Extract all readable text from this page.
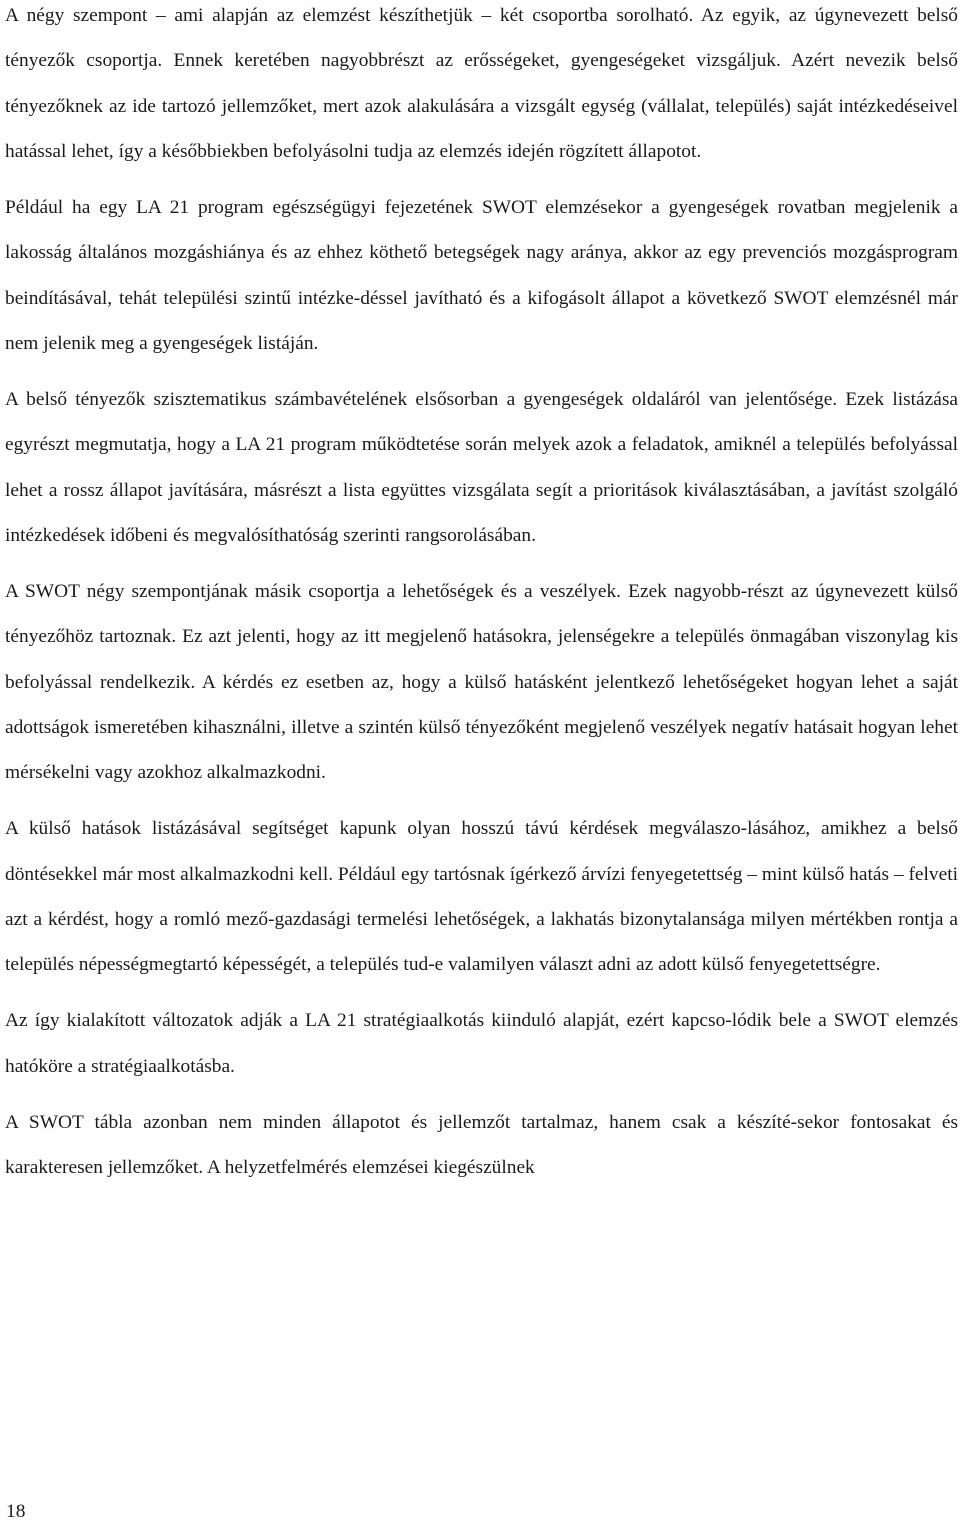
A négy szempont – ami alapján az elemzést készíthetjük – két csoportba sorolható. Az egyik, az úgynevezett belső tényezők csoportja. Ennek keretében nagyobbrészt az erősségeket, gyengeségeket vizsgáljuk. Azért nevezik belső tényezőknek az ide tartozó jellemzőket, mert azok alakulására a vizsgált egység (vállalat, település) saját intézkedéseivel hatással lehet, így a későbbiekben befolyásolni tudja az elemzés idején rögzített állapotot.

Például ha egy LA 21 program egészségügyi fejezetének SWOT elemzésekor a gyengeségek rovatban megjelenik a lakosság általános mozgáshiánya és az ehhez köthető betegségek nagy aránya, akkor az egy prevenciós mozgásprogram beindításával, tehát települési szintű intézke-déssel javítható és a kifogásolt állapot a következő SWOT elemzésnél már nem jelenik meg a gyengeségek listáján.

A belső tényezők szisztematikus számbavételének elsősorban a gyengeségek oldaláról van jelentősége. Ezek listázása egyrészt megmutatja, hogy a LA 21 program működtetése során melyek azok a feladatok, amiknél a település befolyással lehet a rossz állapot javítására, másrészt a lista együttes vizsgálata segít a prioritások kiválasztásában, a javítást szolgáló intézkedések időbeni és megvalósíthatóság szerinti rangsorolásában.

A SWOT négy szempontjának másik csoportja a lehetőségek és a veszélyek. Ezek nagyobb-részt az úgynevezett külső tényezőhöz tartoznak. Ez azt jelenti, hogy az itt megjelenő hatásokra, jelenségekre a település önmagában viszonylag kis befolyással rendelkezik. A kérdés ez esetben az, hogy a külső hatásként jelentkező lehetőségeket hogyan lehet a saját adottságok ismeretében kihasználni, illetve a szintén külső tényezőként megjelenő veszélyek negatív hatásait hogyan lehet mérsékelni vagy azokhoz alkalmazkodni.

A külső hatások listázásával segítséget kapunk olyan hosszú távú kérdések megválaszo-lásához, amikhez a belső döntésekkel már most alkalmazkodni kell. Például egy tartósnak ígérkező árvízi fenyegetettség – mint külső hatás – felveti azt a kérdést, hogy a romló mező-gazdasági termelési lehetőségek, a lakhatás bizonytalansága milyen mértékben rontja a település népességmegtartó képességét, a település tud-e valamilyen választ adni az adott külső fenyegetettségre.

Az így kialakított változatok adják a LA 21 stratégiaalkotás kiinduló alapját, ezért kapcso-lódik bele a SWOT elemzés hatóköre a stratégiaalkotásba.

A SWOT tábla azonban nem minden állapotot és jellemzőt tartalmaz, hanem csak a készíté-sekor fontosakat és karakteresen jellemzőket. A helyzetfelmérés elemzései kiegészülnek

18
